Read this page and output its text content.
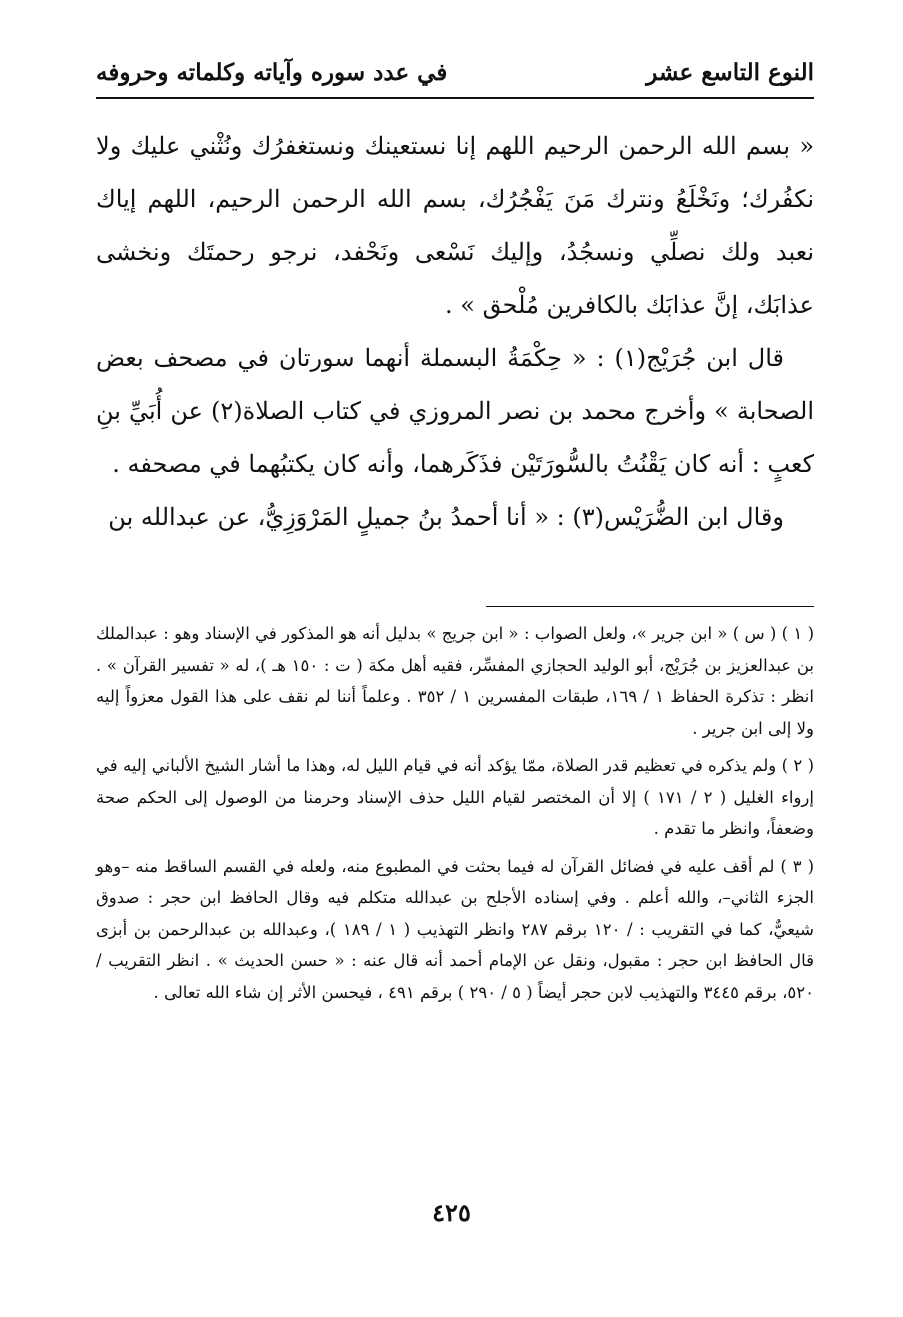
النوع التاسع عشر
في عدد سوره وآياته وكلماته وحروفه

« بسم الله الرحمن الرحيم اللهم إنا نستعينك ونستغفرُك ونُثْني عليك ولا نكفُرك؛ ونَخْلَعُ ونترك مَنَ يَفْجُرُك، بسم الله الرحمن الرحيم، اللهم إياك نعبد ولك نصلِّي ونسجُدُ، وإليك نَسْعى ونَحْفد، نرجو رحمتَك ونخشى عذابَك، إنَّ عذابَك بالكافرين مُلْحق » .

قال ابن جُرَيْج(١) : « حِكْمَةُ البسملة أنهما سورتان في مصحف بعض الصحابة » وأخرج محمد بن نصر المروزي في كتاب الصلاة(٢) عن أُبَيِّ بنِ كعبٍ : أنه كان يَقْنُتُ بالسُّورَتَيْن فذَكَرهما، وأنه كان يكتبُهما في مصحفه .

وقال ابن الضُّرَيْس(٣) : « أنا أحمدُ بنُ جميلٍ المَرْوَزِيُّ، عن عبدالله بن

( ١ ) ( س ) « ابن جرير »، ولعل الصواب : « ابن جريج » بدليل أنه هو المذكور في الإسناد وهو : عبدالملك بن عبدالعزيز بن جُرَيْج، أبو الوليد الحجازي المفسِّر، فقيه أهل مكة ( ت : ١٥٠ هـ )، له « تفسير القرآن » . انظر : تذكرة الحفاظ ١ / ١٦٩، طبقات المفسرين ١ / ٣٥٢ . وعلماً أننا لم نقف على هذا القول معزواً إليه ولا إلى ابن جرير .

( ٢ ) ولم يذكره في تعظيم قدر الصلاة، ممّا يؤكد أنه في قيام الليل له، وهذا ما أشار الشيخ الألباني إليه في إرواء الغليل ( ٢ / ١٧١ ) إلا أن المختصر لقيام الليل حذف الإسناد وحرمنا من الوصول إلى الحكم صحة وضعفاً، وانظر ما تقدم .

( ٣ ) لم أقف عليه في فضائل القرآن له فيما بحثت في المطبوع منه، ولعله في القسم الساقط منه –وهو الجزء الثاني–، والله أعلم . وفي إسناده الأجلح بن عبدالله متكلم فيه وقال الحافظ ابن حجر : صدوق شيعيٌّ، كما في التقريب : / ١٢٠ برقم ٢٨٧ وانظر التهذيب ( ١ / ١٨٩ )، وعبدالله بن عبدالرحمن بن أبزى قال الحافظ ابن حجر : مقبول، ونقل عن الإمام أحمد أنه قال عنه : « حسن الحديث » . انظر التقريب / ٥٢٠، برقم ٣٤٤٥ والتهذيب لابن حجر أيضاً ( ٥ / ٢٩٠ ) برقم ٤٩١ ، فيحسن الأثر إن شاء الله تعالى .

٤٢٥
